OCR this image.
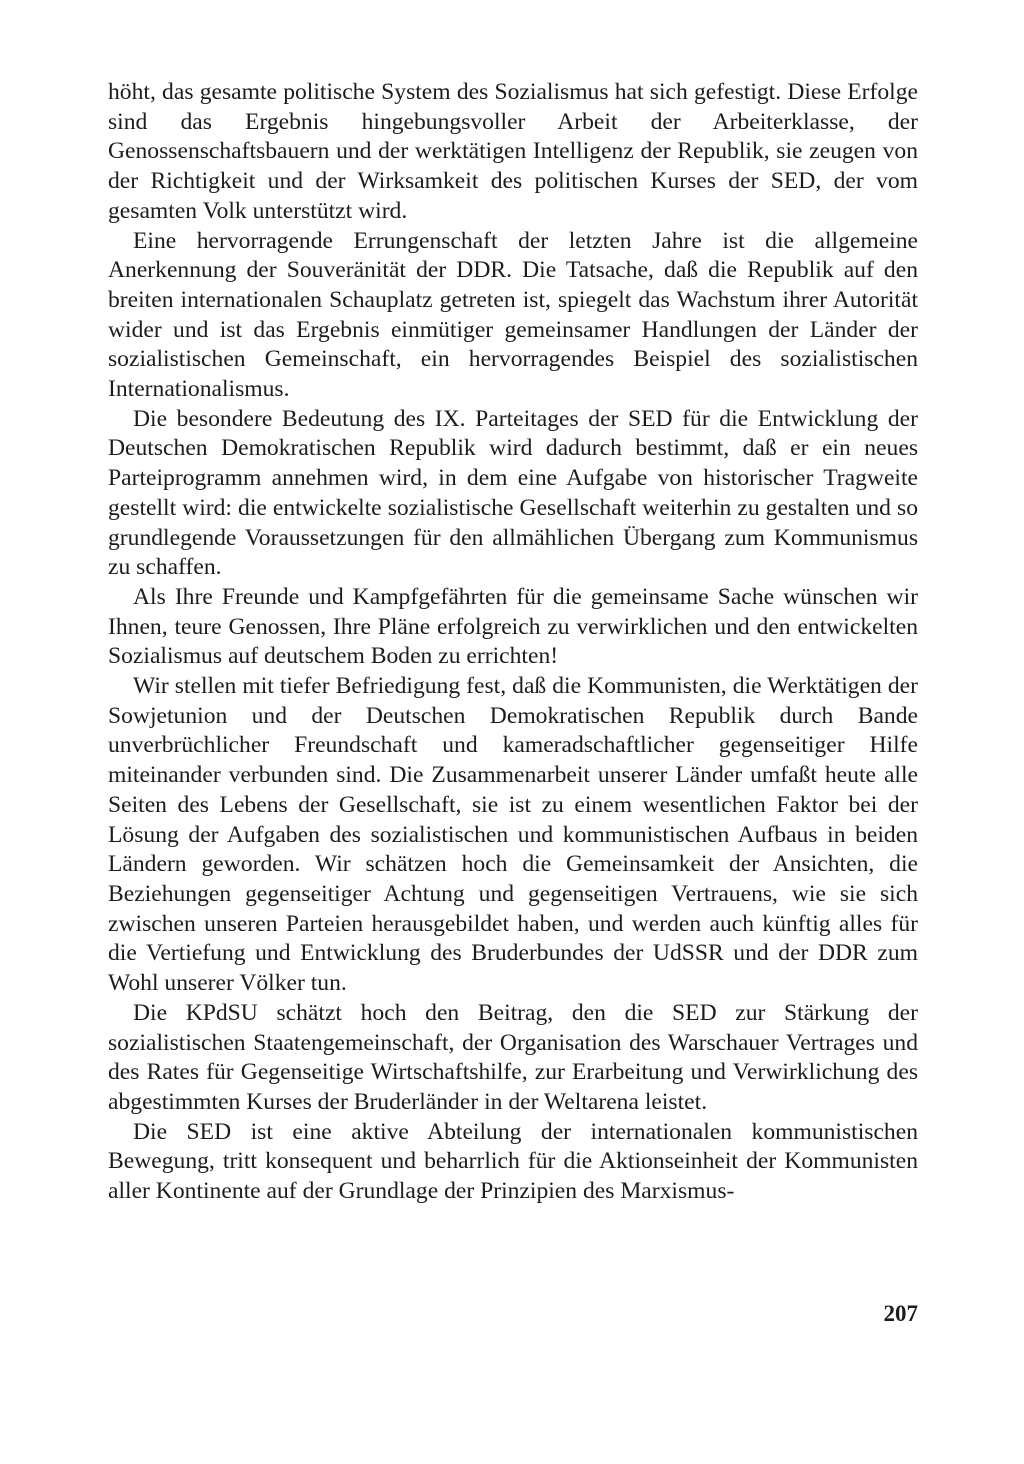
höht, das gesamte politische System des Sozialismus hat sich gefestigt. Diese Erfolge sind das Ergebnis hingebungsvoller Arbeit der Arbeiterklasse, der Genossenschaftsbauern und der werktätigen Intelligenz der Republik, sie zeugen von der Richtigkeit und der Wirksamkeit des politischen Kurses der SED, der vom gesamten Volk unterstützt wird.

Eine hervorragende Errungenschaft der letzten Jahre ist die allgemeine Anerkennung der Souveränität der DDR. Die Tatsache, daß die Republik auf den breiten internationalen Schauplatz getreten ist, spiegelt das Wachstum ihrer Autorität wider und ist das Ergebnis einmütiger gemeinsamer Handlungen der Länder der sozialistischen Gemeinschaft, ein hervorragendes Beispiel des sozialistischen Internationalismus.

Die besondere Bedeutung des IX. Parteitages der SED für die Entwicklung der Deutschen Demokratischen Republik wird dadurch bestimmt, daß er ein neues Parteiprogramm annehmen wird, in dem eine Aufgabe von historischer Tragweite gestellt wird: die entwickelte sozialistische Gesellschaft weiterhin zu gestalten und so grundlegende Voraussetzungen für den allmählichen Übergang zum Kommunismus zu schaffen.

Als Ihre Freunde und Kampfgefährten für die gemeinsame Sache wünschen wir Ihnen, teure Genossen, Ihre Pläne erfolgreich zu verwirklichen und den entwickelten Sozialismus auf deutschem Boden zu errichten!

Wir stellen mit tiefer Befriedigung fest, daß die Kommunisten, die Werktätigen der Sowjetunion und der Deutschen Demokratischen Republik durch Bande unverbrüchlicher Freundschaft und kameradschaftlicher gegenseitiger Hilfe miteinander verbunden sind. Die Zusammenarbeit unserer Länder umfaßt heute alle Seiten des Lebens der Gesellschaft, sie ist zu einem wesentlichen Faktor bei der Lösung der Aufgaben des sozialistischen und kommunistischen Aufbaus in beiden Ländern geworden. Wir schätzen hoch die Gemeinsamkeit der Ansichten, die Beziehungen gegenseitiger Achtung und gegenseitigen Vertrauens, wie sie sich zwischen unseren Parteien herausgebildet haben, und werden auch künftig alles für die Vertiefung und Entwicklung des Bruderbundes der UdSSR und der DDR zum Wohl unserer Völker tun.

Die KPdSU schätzt hoch den Beitrag, den die SED zur Stärkung der sozialistischen Staatengemeinschaft, der Organisation des Warschauer Vertrages und des Rates für Gegenseitige Wirtschaftshilfe, zur Erarbeitung und Verwirklichung des abgestimmten Kurses der Bruderländer in der Weltarena leistet.

Die SED ist eine aktive Abteilung der internationalen kommunistischen Bewegung, tritt konsequent und beharrlich für die Aktionseinheit der Kommunisten aller Kontinente auf der Grundlage der Prinzipien des Marxismus-

207
